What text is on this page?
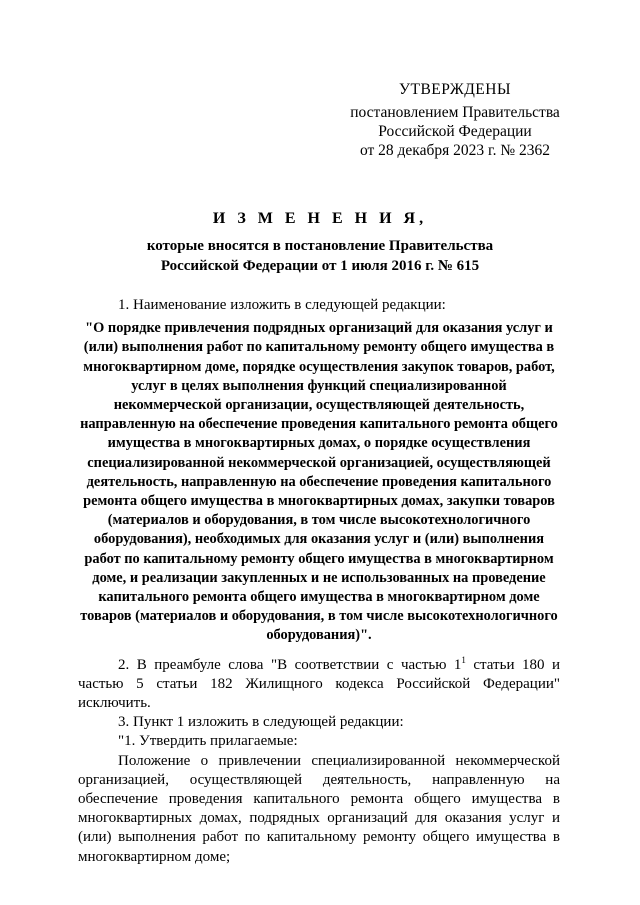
УТВЕРЖДЕНЫ
постановлением Правительства
Российской Федерации
от 28 декабря 2023 г. № 2362
И З М Е Н Е Н И Я,
которые вносятся в постановление Правительства
Российской Федерации от 1 июля 2016 г. № 615

1. Наименование изложить в следующей редакции:

"О порядке привлечения подрядных организаций для оказания услуг и (или) выполнения работ по капитальному ремонту общего имущества в многоквартирном доме, порядке осуществления закупок товаров, работ, услуг в целях выполнения функций специализированной некоммерческой организации, осуществляющей деятельность, направленную на обеспечение проведения капитального ремонта общего имущества в многоквартирных домах, о порядке осуществления специализированной некоммерческой организацией, осуществляющей деятельность, направленную на обеспечение проведения капитального ремонта общего имущества в многоквартирных домах, закупки товаров (материалов и оборудования, в том числе высокотехнологичного оборудования), необходимых для оказания услуг и (или) выполнения работ по капитальному ремонту общего имущества в многоквартирном доме, и реализации закупленных и не использованных на проведение капитального ремонта общего имущества в многоквартирном доме товаров (материалов и оборудования, в том числе высокотехнологичного оборудования)".

2. В преамбуле слова "В соответствии с частью $1^1$ статьи 180 и частью 5 статьи 182 Жилищного кодекса Российской Федерации" исключить.

3. Пункт 1 изложить в следующей редакции:

"1. Утвердить прилагаемые:

Положение о привлечении специализированной некоммерческой организацией, осуществляющей деятельность, направленную на обеспечение проведения капитального ремонта общего имущества в многоквартирных домах, подрядных организаций для оказания услуг и (или) выполнения работ по капитальному ремонту общего имущества в многоквартирном доме;
